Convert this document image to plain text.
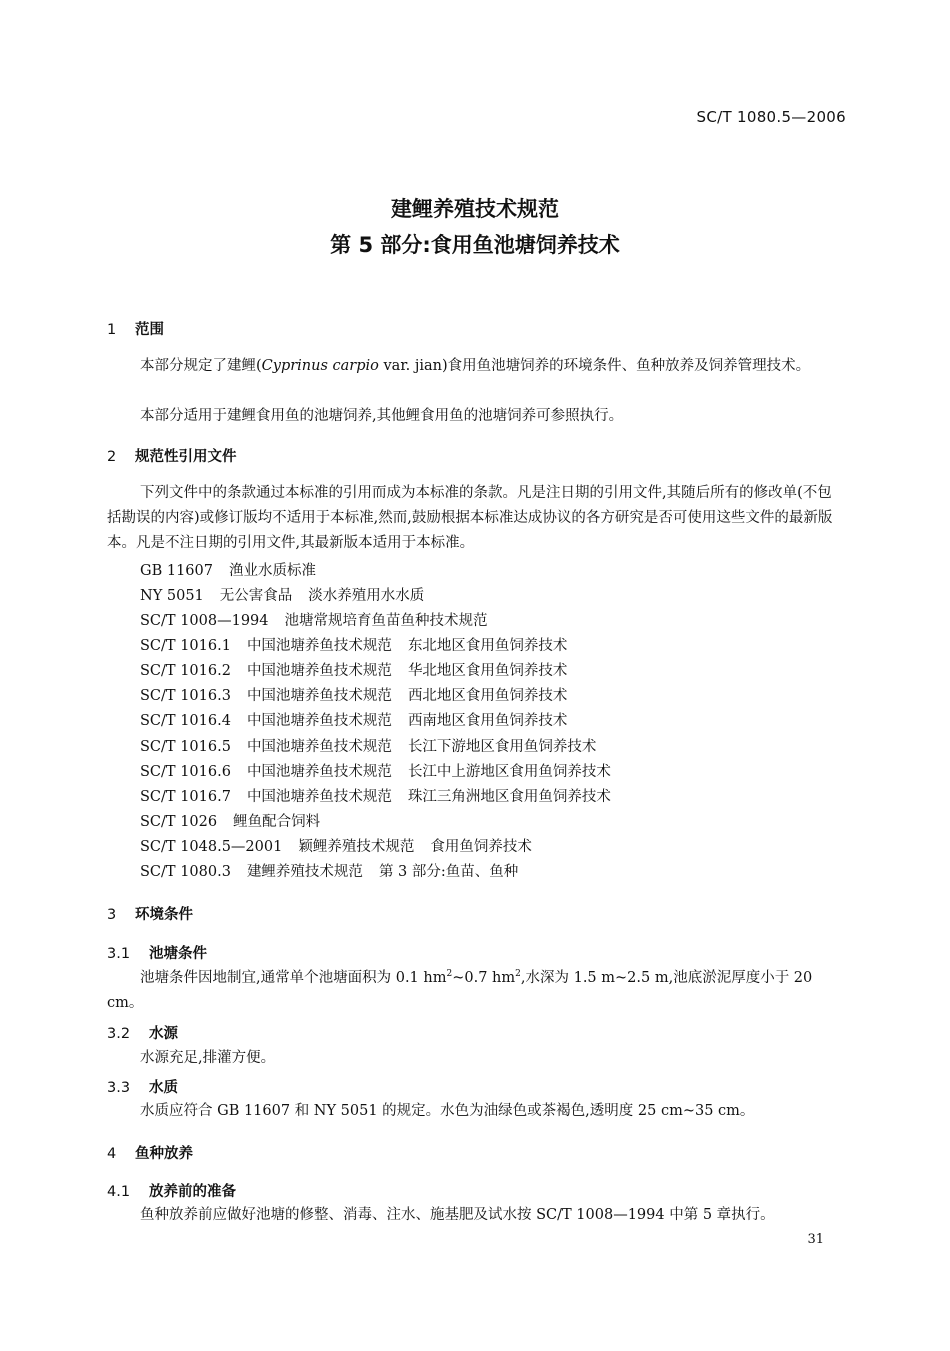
SC/T 1080.5—2006
建鲤养殖技术规范
第 5 部分:食用鱼池塘饲养技术
1 范围
本部分规定了建鲤(Cyprinus carpio var. jian)食用鱼池塘饲养的环境条件、鱼种放养及饲养管理技术。
本部分适用于建鲤食用鱼的池塘饲养,其他鲤食用鱼的池塘饲养可参照执行。
2 规范性引用文件
下列文件中的条款通过本标准的引用而成为本标准的条款。凡是注日期的引用文件,其随后所有的修改单(不包括勘误的内容)或修订版均不适用于本标准,然而,鼓励根据本标准达成协议的各方研究是否可使用这些文件的最新版本。凡是不注日期的引用文件,其最新版本适用于本标准。
GB 11607 渔业水质标准
NY 5051 无公害食品 淡水养殖用水水质
SC/T 1008—1994 池塘常规培育鱼苗鱼种技术规范
SC/T 1016.1 中国池塘养鱼技术规范 东北地区食用鱼饲养技术
SC/T 1016.2 中国池塘养鱼技术规范 华北地区食用鱼饲养技术
SC/T 1016.3 中国池塘养鱼技术规范 西北地区食用鱼饲养技术
SC/T 1016.4 中国池塘养鱼技术规范 西南地区食用鱼饲养技术
SC/T 1016.5 中国池塘养鱼技术规范 长江下游地区食用鱼饲养技术
SC/T 1016.6 中国池塘养鱼技术规范 长江中上游地区食用鱼饲养技术
SC/T 1016.7 中国池塘养鱼技术规范 珠江三角洲地区食用鱼饲养技术
SC/T 1026 鲤鱼配合饲料
SC/T 1048.5—2001 颖鲤养殖技术规范 食用鱼饲养技术
SC/T 1080.3 建鲤养殖技术规范 第 3 部分:鱼苗、鱼种
3 环境条件
3.1 池塘条件
池塘条件因地制宜,通常单个池塘面积为 0.1 $hm^2\sim 0.7$ $hm^2$,水深为 1.5 m~2.5 m,池底淤泥厚度小于 20 cm。
3.2 水源
水源充足,排灌方便。
3.3 水质
水质应符合 GB 11607 和 NY 5051 的规定。水色为油绿色或茶褐色,透明度 25 cm~35 cm。
4 鱼种放养
4.1 放养前的准备
鱼种放养前应做好池塘的修整、消毒、注水、施基肥及试水按 SC/T 1008—1994 中第 5 章执行。
31
